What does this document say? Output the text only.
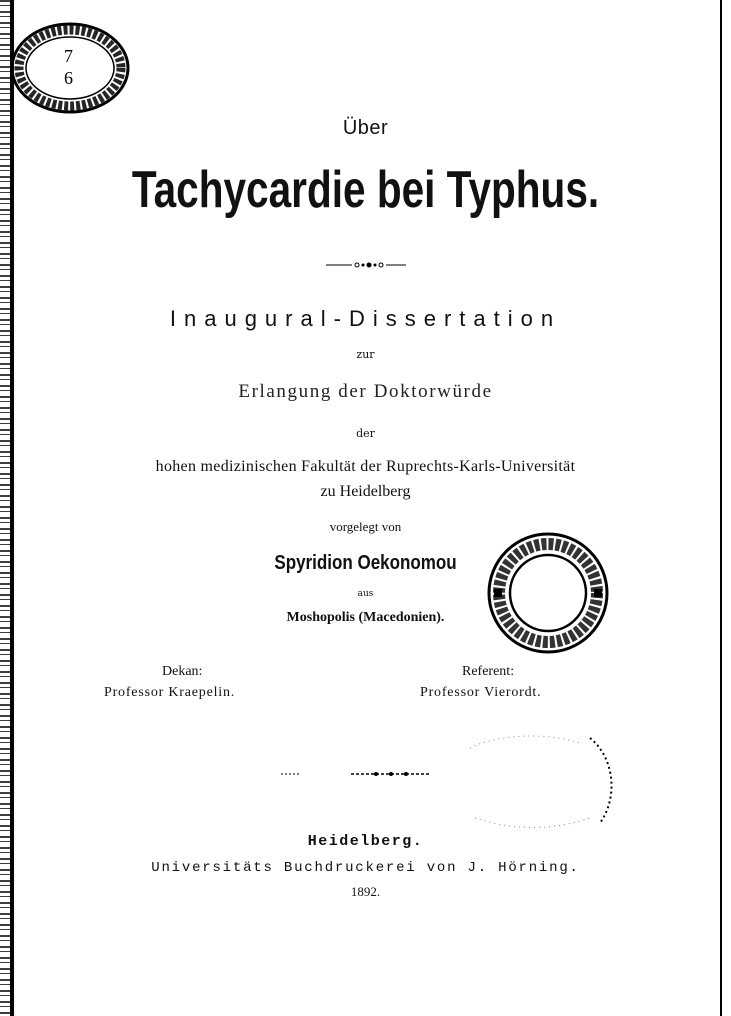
7
6
Über
Tachycardie bei Typhus.
Inaugural-Dissertation
zur
Erlangung der Doktorwürde
der
hohen medizinischen Fakultät der Ruprechts-Karls-Universität
zu Heidelberg
vorgelegt von
Spyridion Oekonomou
aus
Moshopolis (Macedonien).
Dekan:
Professor Kraepelin.
Referent:
Professor Vierordt.
Heidelberg.
Universitäts Buchdruckerei von J. Hörning.
1892.
